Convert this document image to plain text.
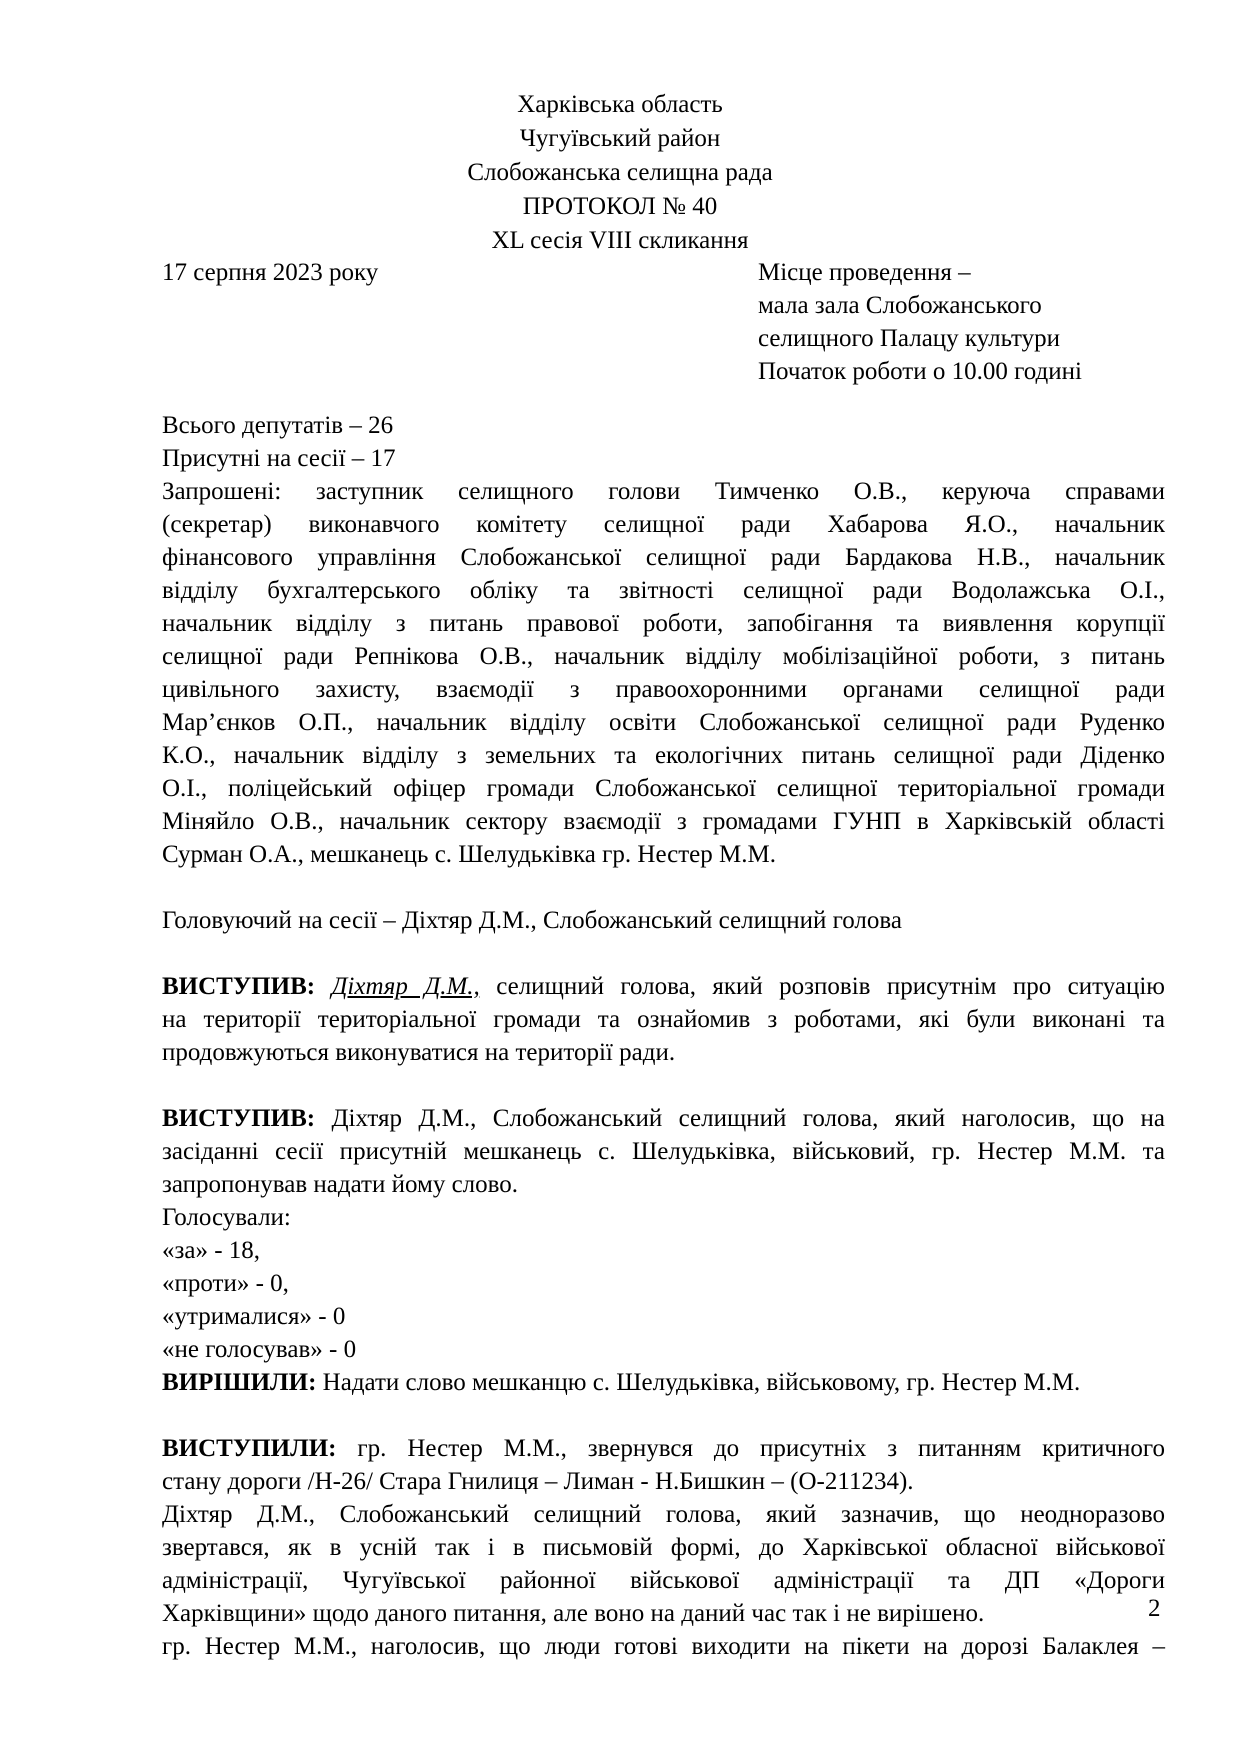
Харківська область
Чугуївський район
Слобожанська селищна рада
ПРОТОКОЛ № 40
XL сесія VIII скликання
17 серпня 2023 року	Місце проведення –
мала зала Слобожанського
селищного Палацу культури
Початок роботи о 10.00 годині
Всього депутатів – 26
Присутні на сесії – 17
Запрошені: заступник селищного голови Тимченко О.В., керуюча справами
(секретар) виконавчого комітету селищної ради Хабарова Я.О., начальник
фінансового управління Слобожанської селищної ради Бардакова Н.В., начальник
відділу бухгалтерського обліку та звітності селищної ради Водолажська О.І.,
начальник відділу з питань правової роботи, запобігання та виявлення корупції
селищної ради Репнікова О.В., начальник відділу мобілізаційної роботи, з питань
цивільного захисту, взаємодії з правоохоронними органами селищної ради
Мар’єнков О.П., начальник відділу освіти Слобожанської селищної ради Руденко
К.О., начальник відділу з земельних та екологічних питань селищної ради Діденко
О.І., поліцейський офіцер громади Слобожанської селищної територіальної громади
Міняйло О.В., начальник сектору взаємодії з громадами ГУНП в Харківській області
Сурман О.А., мешканець с. Шелудьківка гр. Нестер М.М.
Головуючий на сесії – Діхтяр Д.М., Слобожанський селищний голова
ВИСТУПИВ: Діхтяр Д.М., селищний голова, який розповів присутнім про ситуацію
на території територіальної громади та ознайомив з роботами, які були виконані та
продовжуються виконуватися на території ради.
ВИСТУПИВ: Діхтяр Д.М., Слобожанський селищний голова, який наголосив, що на
засіданні сесії присутній мешканець с. Шелудьківка, військовий, гр. Нестер М.М. та
запропонував надати йому слово.
Голосували:
«за» - 18,
«проти» - 0,
«утрималися» - 0
«не голосував» - 0
ВИРІШИЛИ: Надати слово мешканцю с. Шелудьківка, військовому, гр. Нестер М.М.
ВИСТУПИЛИ: гр. Нестер М.М., звернувся до присутніх з питанням критичного
стану дороги /Н-26/ Стара Гнилиця – Лиман - Н.Бишкин – (О-211234).
Діхтяр Д.М., Слобожанський селищний голова, який зазначив, що неодноразово
звертався, як в усній так і в письмовій формі, до Харківської обласної військової
адміністрації, Чугуївської районної військової адміністрації та ДП «Дороги
Харківщини» щодо даного питання, але воно на даний час так і не вирішено.
гр. Нестер М.М., наголосив, що люди готові виходити на пікети на дорозі Балаклея –
2
